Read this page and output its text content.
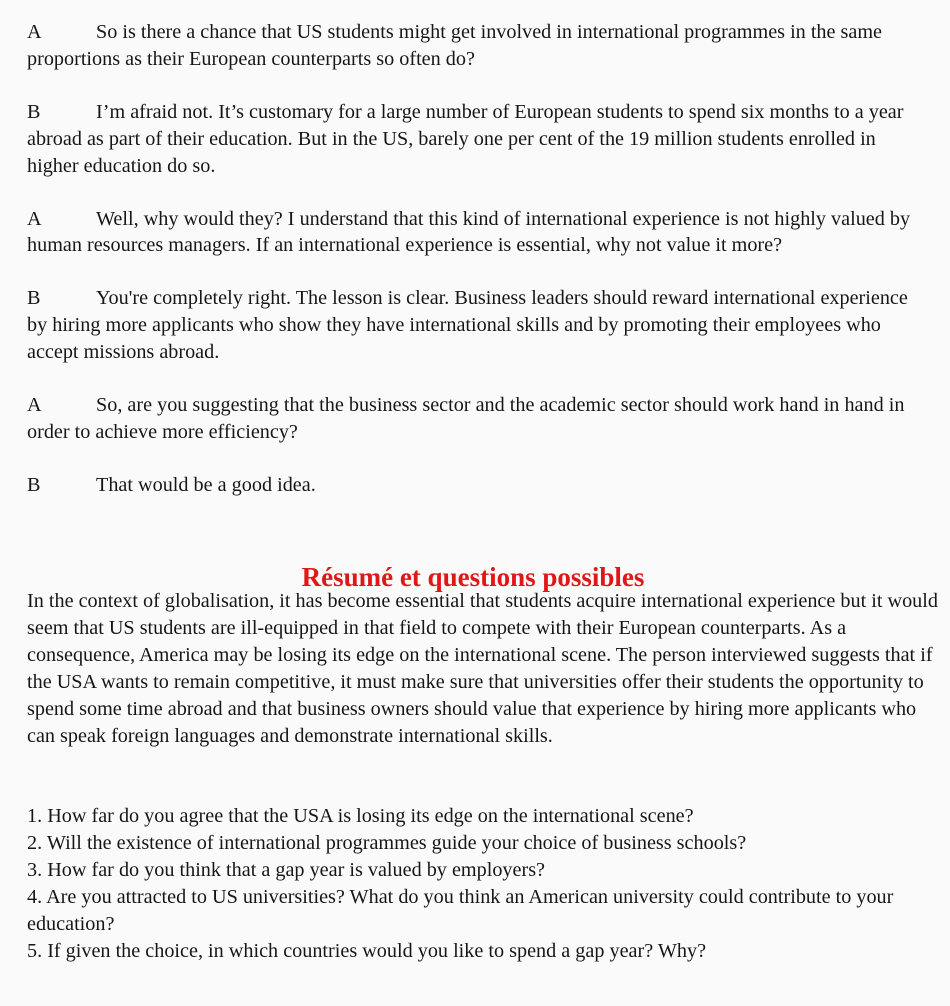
A	So is there a chance that US students might get involved in international programmes in the same proportions as their European counterparts so often do?

B	I’m afraid not. It’s customary for a large number of European students to spend six months to a year abroad as part of their education. But in the US, barely one per cent of the 19 million students enrolled in higher education do so.

A	Well, why would they? I understand that this kind of international experience is not highly valued by human resources managers. If an international experience is essential, why not value it more?

B	You're completely right. The lesson is clear. Business leaders should reward international experience by hiring more applicants who show they have international skills and by promoting their employees who accept missions abroad.

A	So, are you suggesting that the business sector and the academic sector should work hand in hand in order to achieve more efficiency?

B	That would be a good idea.

Résumé et questions possibles

In the context of globalisation, it has become essential that students acquire international experience but it would seem that US students are ill-equipped in that field to compete with their European counterparts. As a consequence, America may be losing its edge on the international scene. The person interviewed suggests that if the USA wants to remain competitive, it must make sure that universities offer their students the opportunity to spend some time abroad and that business owners should value that experience by hiring more applicants who can speak foreign languages and demonstrate international skills.

1. How far do you agree that the USA is losing its edge on the international scene?
2. Will the existence of international programmes guide your choice of business schools?
3. How far do you think that a gap year is valued by employers?
4. Are you attracted to US universities? What do you think an American university could contribute to your education?
5. If given the choice, in which countries would you like to spend a gap year? Why?
